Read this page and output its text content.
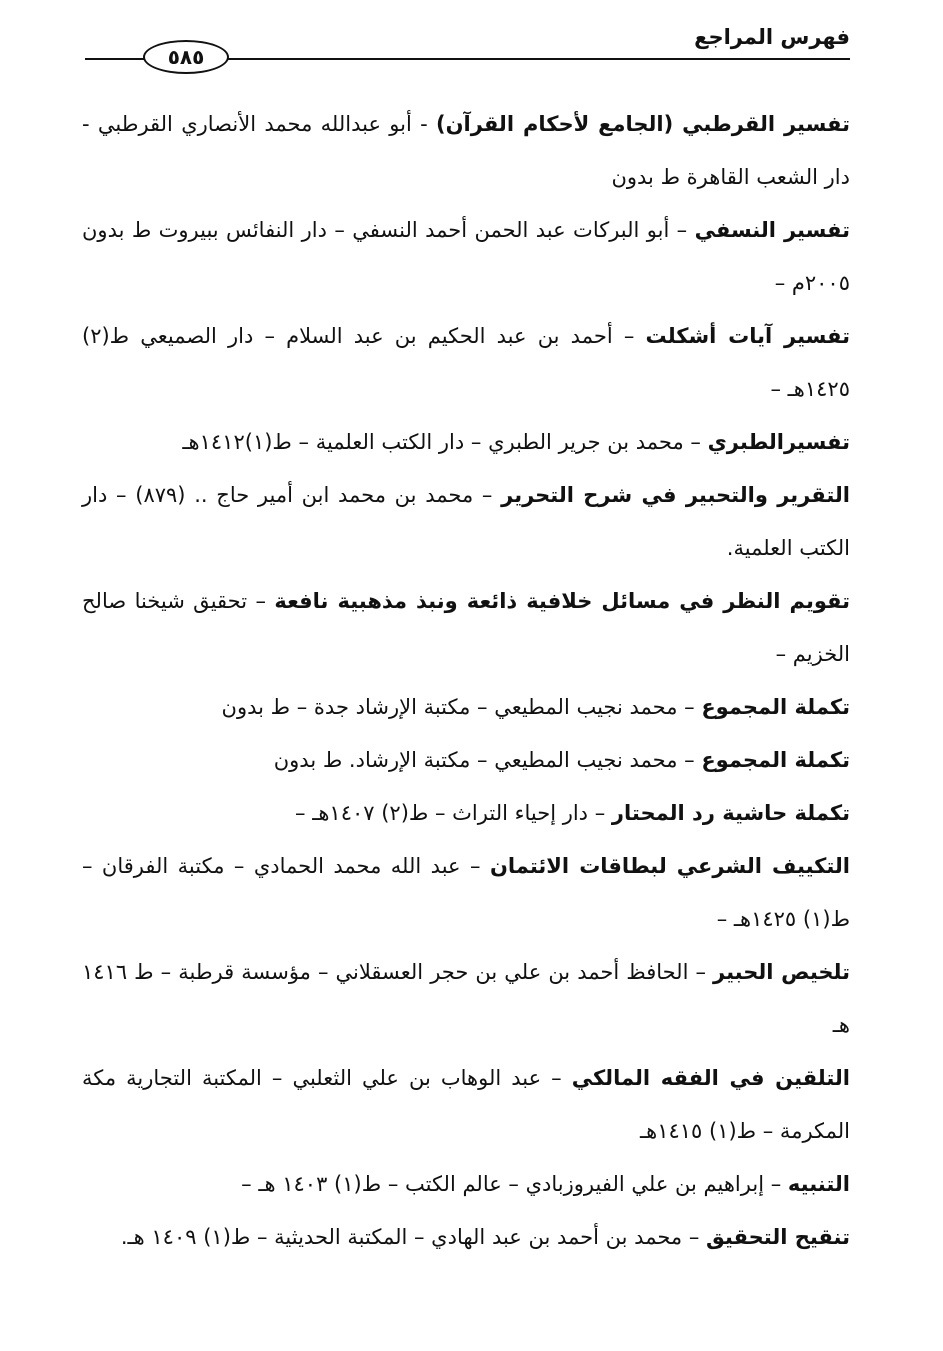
فهرس المراجع
٥٨٥

تفسير القرطبي (الجامع لأحكام القرآن) - أبو عبدالله محمد الأنصاري القرطبي - دار الشعب القاهرة ط بدون

تفسير النسفي – أبو البركات عبد الحمن أحمد النسفي – دار النفائس ببيروت ط بدون ٢٠٠٥م –

تفسير آيات أشكلت – أحمد بن عبد الحكيم بن عبد السلام – دار الصميعي ط(٢) ١٤٢٥هـ –

تفسيرالطبري – محمد بن جرير الطبري – دار الكتب العلمية – ط(١)١٤١٢هـ

التقرير والتحبير في شرح التحرير – محمد بن محمد ابن أمير حاج .. (٨٧٩) – دار الكتب العلمية.

تقويم النظر في مسائل خلافية ذائعة ونبذ مذهبية نافعة – تحقيق شيخنا صالح الخزيم –

تكملة المجموع – محمد نجيب المطيعي – مكتبة الإرشاد جدة – ط بدون

تكملة المجموع – محمد نجيب المطيعي – مكتبة الإرشاد. ط بدون

تكملة حاشية رد المحتار – دار إحياء التراث – ط(٢) ١٤٠٧هـ –

التكييف الشرعي لبطاقات الائتمان – عبد الله محمد الحمادي – مكتبة الفرقان – ط(١) ١٤٢٥هـ –

تلخيص الحبير – الحافظ أحمد بن علي بن حجر العسقلاني – مؤسسة قرطبة – ط ١٤١٦ هـ

التلقين في الفقه المالكي – عبد الوهاب بن علي الثعلبي – المكتبة التجارية مكة المكرمة – ط(١) ١٤١٥هـ

التنبيه – إبراهيم بن علي الفيروزبادي – عالم الكتب – ط(١) ١٤٠٣ هـ –

تنقيح التحقيق – محمد بن أحمد بن عبد الهادي – المكتبة الحديثية – ط(١) ١٤٠٩ هـ.
